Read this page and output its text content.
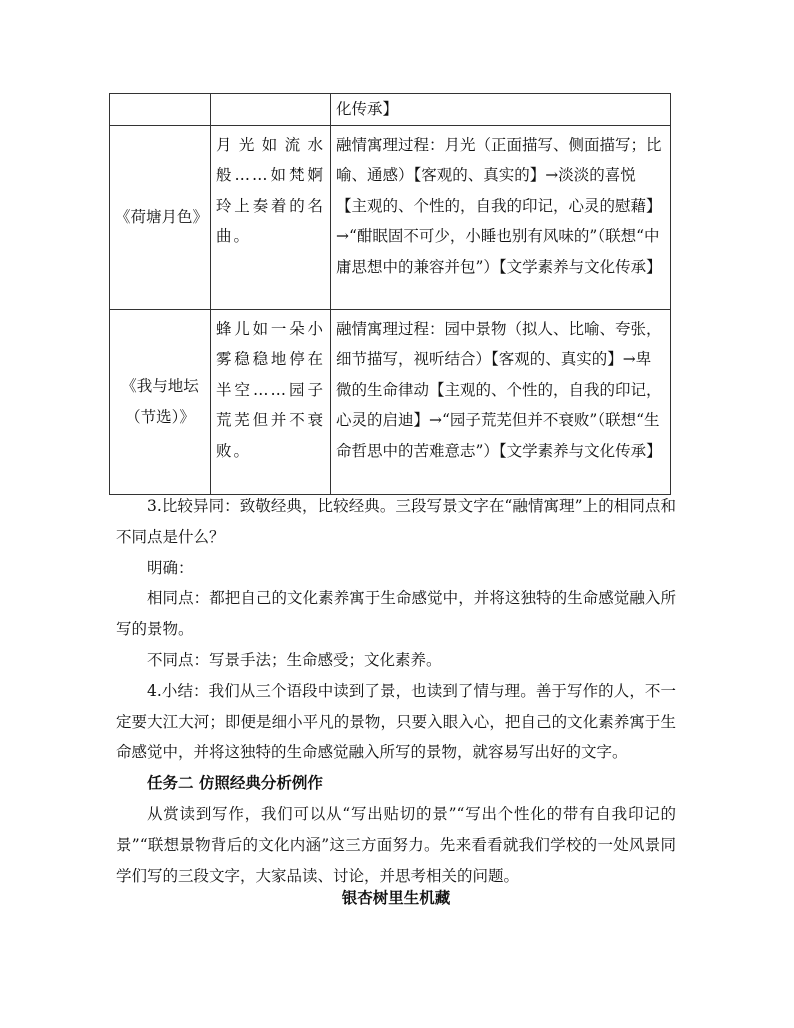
		化传承】
《荷塘月色》	月光如流水般……如梵婀玲上奏着的名曲。	融情寓理过程：月光（正面描写、侧面描写；比喻、通感）【客观的、真实的】→淡淡的喜悦【主观的、个性的，自我的印记，心灵的慰藉】→“酣眠固不可少，小睡也别有风味的”（联想“中庸思想中的兼容并包”）【文学素养与文化传承】
《我与地坛（节选）》	蜂儿如一朵小雾稳稳地停在半空……园子荒芜但并不衰败。	融情寓理过程：园中景物（拟人、比喻、夸张，细节描写，视听结合）【客观的、真实的】→卑微的生命律动【主观的、个性的，自我的印记，心灵的启迪】→“园子荒芜但并不衰败”（联想“生命哲思中的苦难意志”）【文学素养与文化传承】

3.比较异同：致敬经典，比较经典。三段写景文字在“融情寓理”上的相同点和不同点是什么？

明确：

相同点：都把自己的文化素养寓于生命感觉中，并将这独特的生命感觉融入所写的景物。

不同点：写景手法；生命感受；文化素养。

4.小结：我们从三个语段中读到了景，也读到了情与理。善于写作的人，不一定要大江大河；即便是细小平凡的景物，只要入眼入心，把自己的文化素养寓于生命感觉中，并将这独特的生命感觉融入所写的景物，就容易写出好的文字。

任务二 仿照经典分析例作

从赏读到写作，我们可以从“写出贴切的景”“写出个性化的带有自我印记的景”“联想景物背后的文化内涵”这三方面努力。先来看看就我们学校的一处风景同学们写的三段文字，大家品读、讨论，并思考相关的问题。

银杏树里生机藏
